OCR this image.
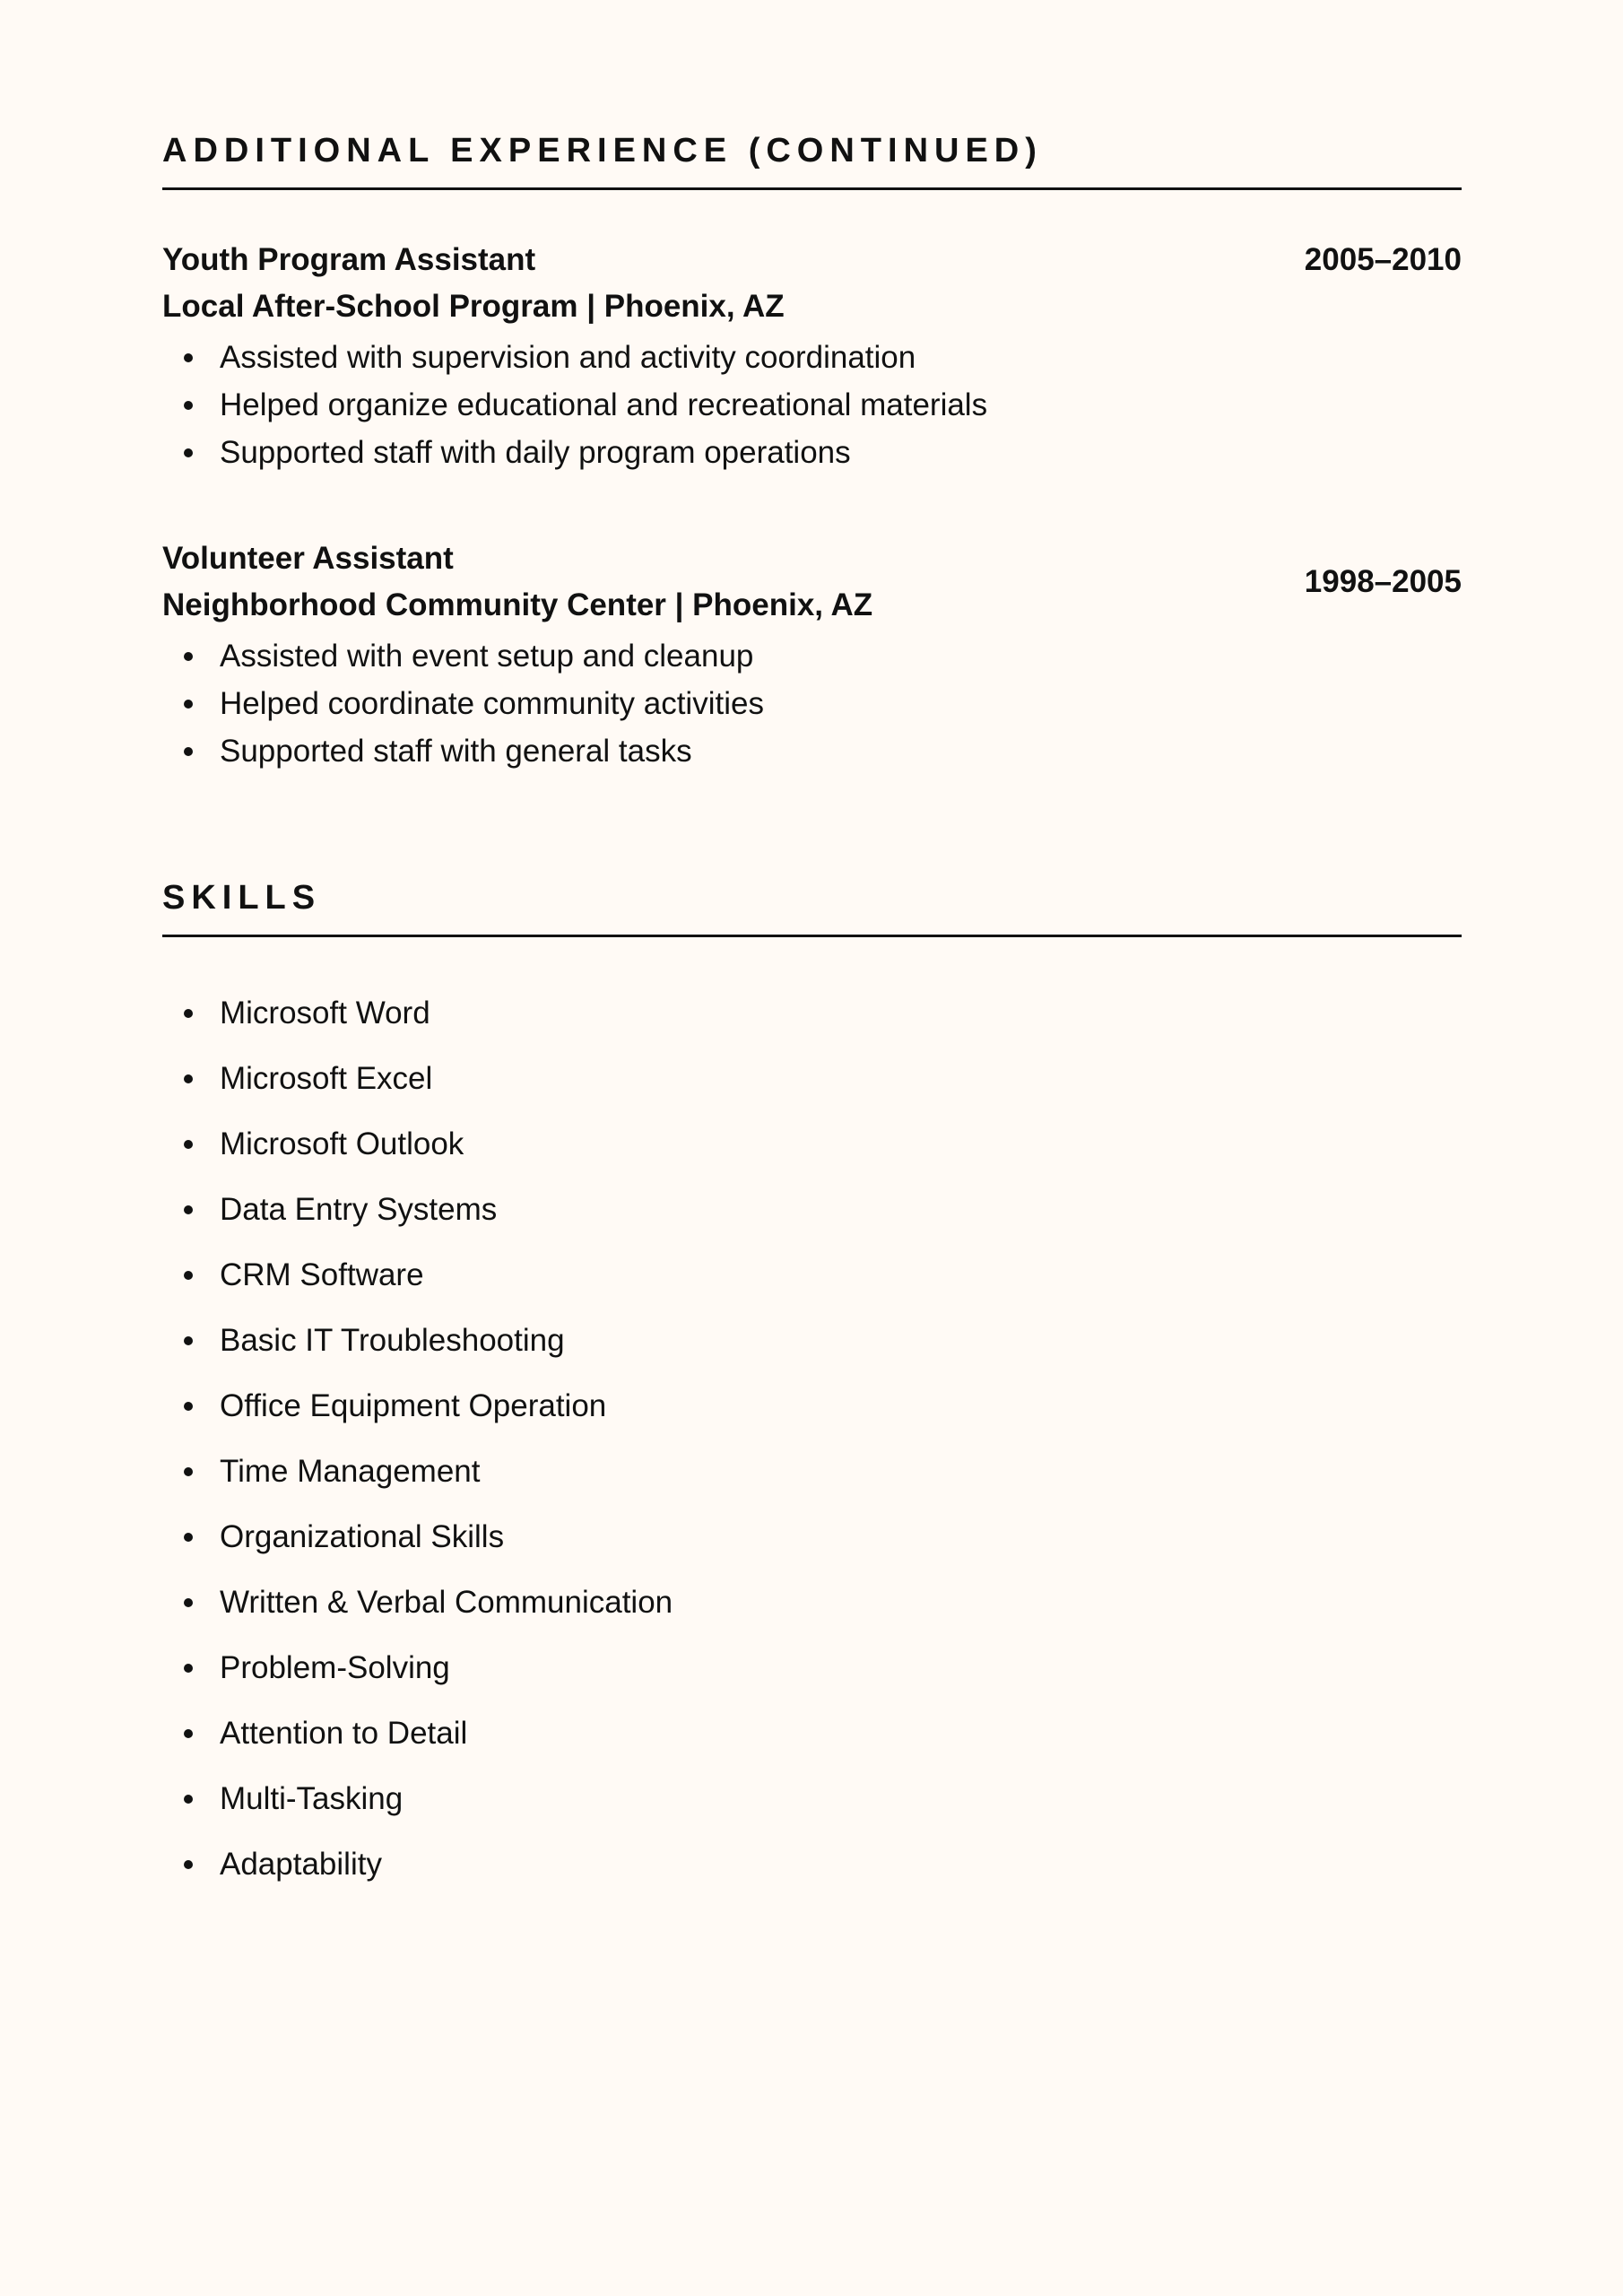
ADDITIONAL EXPERIENCE (CONTINUED)
2005–2010
Youth Program Assistant
Local After-School Program | Phoenix, AZ
Assisted with supervision and activity coordination
Helped organize educational and recreational materials
Supported staff with daily program operations
1998–2005
Volunteer Assistant
Neighborhood Community Center | Phoenix, AZ
Assisted with event setup and cleanup
Helped coordinate community activities
Supported staff with general tasks
SKILLS
Microsoft Word
Microsoft Excel
Microsoft Outlook
Data Entry Systems
CRM Software
Basic IT Troubleshooting
Office Equipment Operation
Time Management
Organizational Skills
Written & Verbal Communication
Problem-Solving
Attention to Detail
Multi-Tasking
Adaptability
